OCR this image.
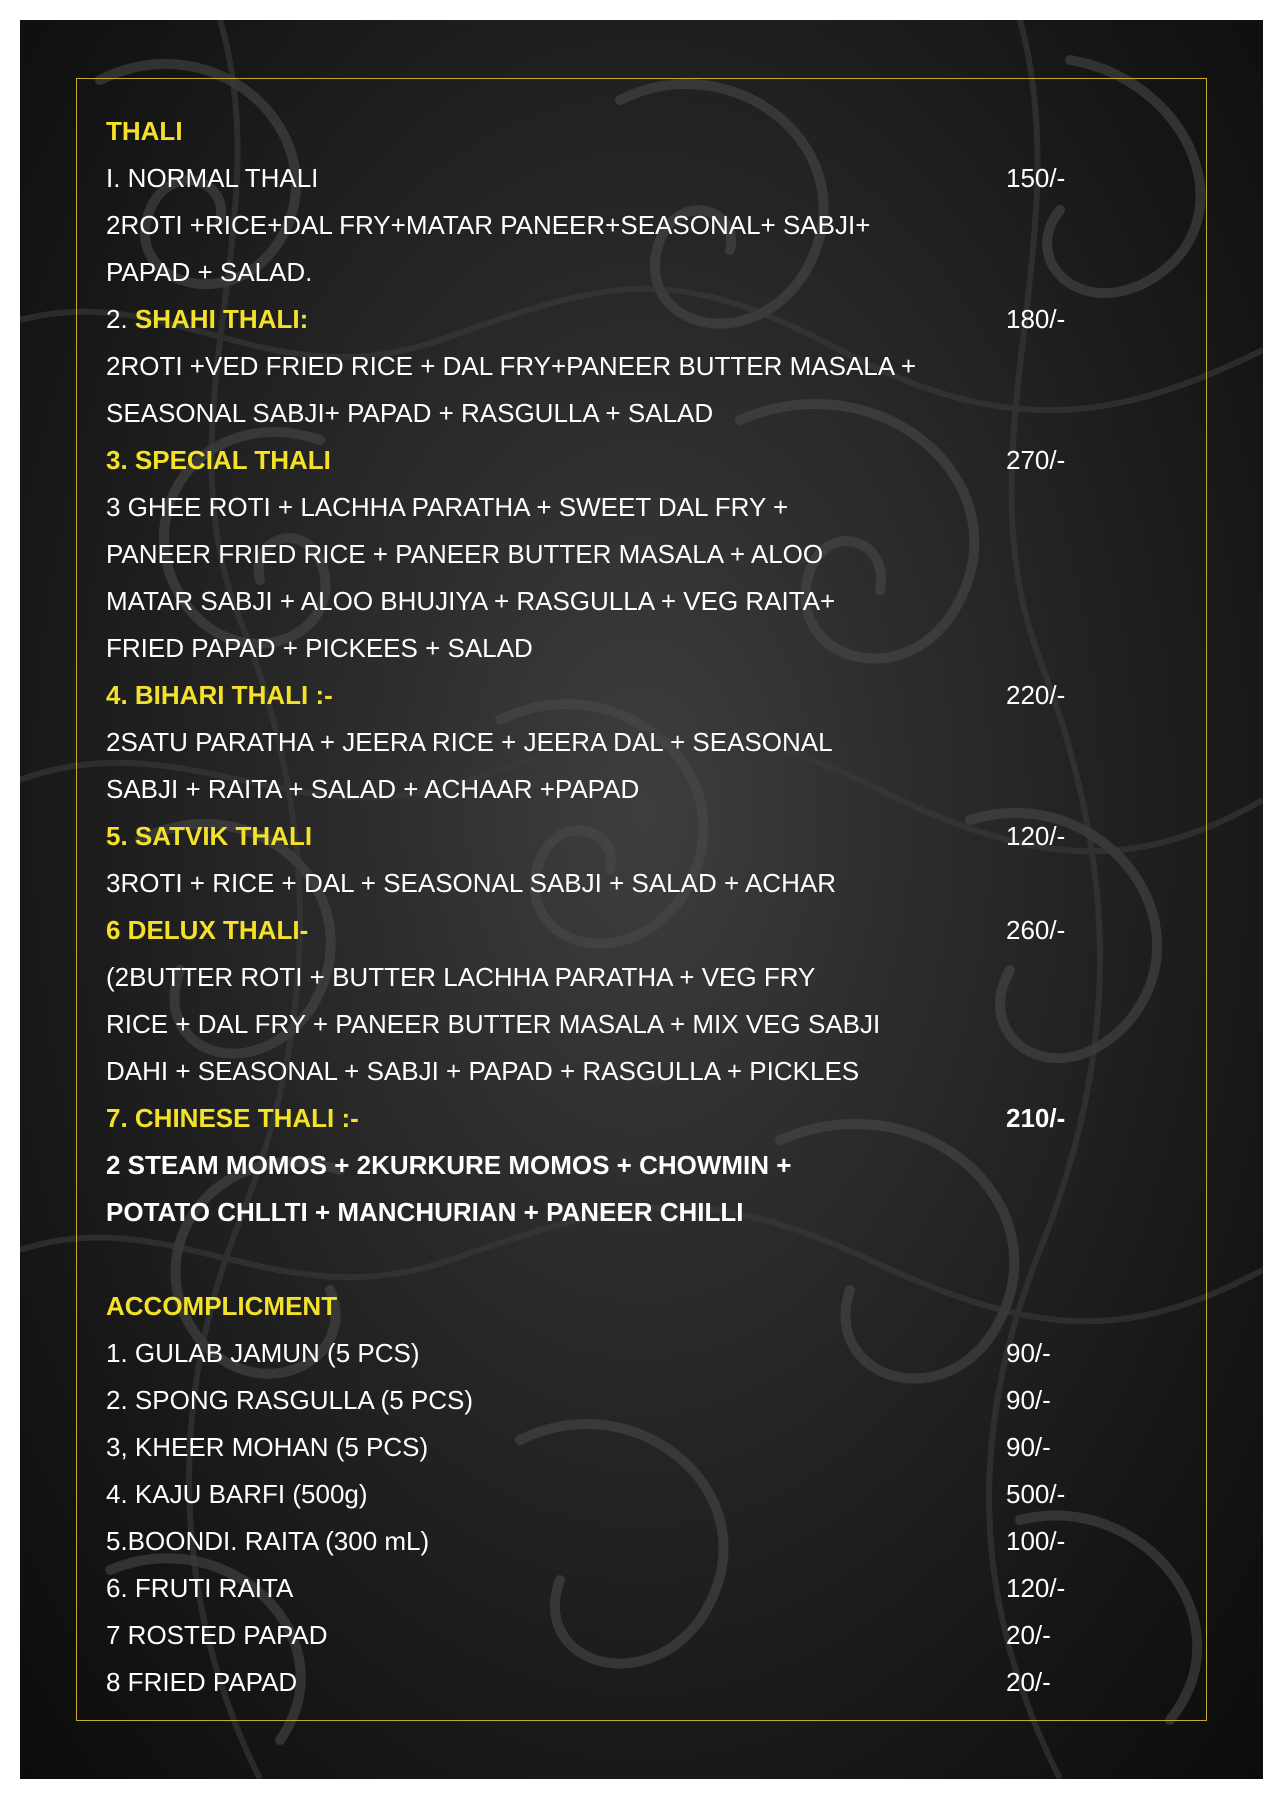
THALI
I. NORMAL THALI	150/-
2ROTI +RICE+DAL FRY+MATAR PANEER+SEASONAL+ SABJI+
PAPAD + SALAD.
2. SHAHI THALI:	180/-
2ROTI +VED FRIED RICE + DAL FRY+PANEER BUTTER MASALA +
SEASONAL SABJI+ PAPAD + RASGULLA + SALAD
3. SPECIAL THALI	270/-
3 GHEE ROTI + LACHHA PARATHA + SWEET DAL FRY +
PANEER FRIED RICE + PANEER BUTTER MASALA + ALOO
MATAR SABJI + ALOO BHUJIYA + RASGULLA + VEG RAITA+
FRIED PAPAD + PICKEES + SALAD
4. BIHARI THALI :-	220/-
2SATU PARATHA + JEERA RICE + JEERA DAL + SEASONAL
SABJI + RAITA + SALAD + ACHAAR +PAPAD
5. SATVIK THALI	120/-
3ROTI + RICE + DAL + SEASONAL SABJI + SALAD + ACHAR
6 DELUX THALI-	260/-
(2BUTTER ROTI + BUTTER LACHHA PARATHA + VEG FRY
RICE + DAL FRY + PANEER BUTTER MASALA + MIX VEG SABJI
DAHI + SEASONAL + SABJI + PAPAD + RASGULLA + PICKLES
7. CHINESE THALI :-	210/-
2 STEAM MOMOS + 2KURKURE MOMOS + CHOWMIN +
POTATO CHLLTI + MANCHURIAN + PANEER CHILLI
ACCOMPLICMENT
1. GULAB JAMUN (5 PCS)	90/-
2. SPONG RASGULLA (5 PCS)	90/-
3, KHEER MOHAN (5 PCS)	90/-
4. KAJU BARFI (500g)	500/-
5.BOONDI. RAITA (300 mL)	100/-
6. FRUTI RAITA	120/-
7 ROSTED PAPAD	20/-
8 FRIED PAPAD	20/-
